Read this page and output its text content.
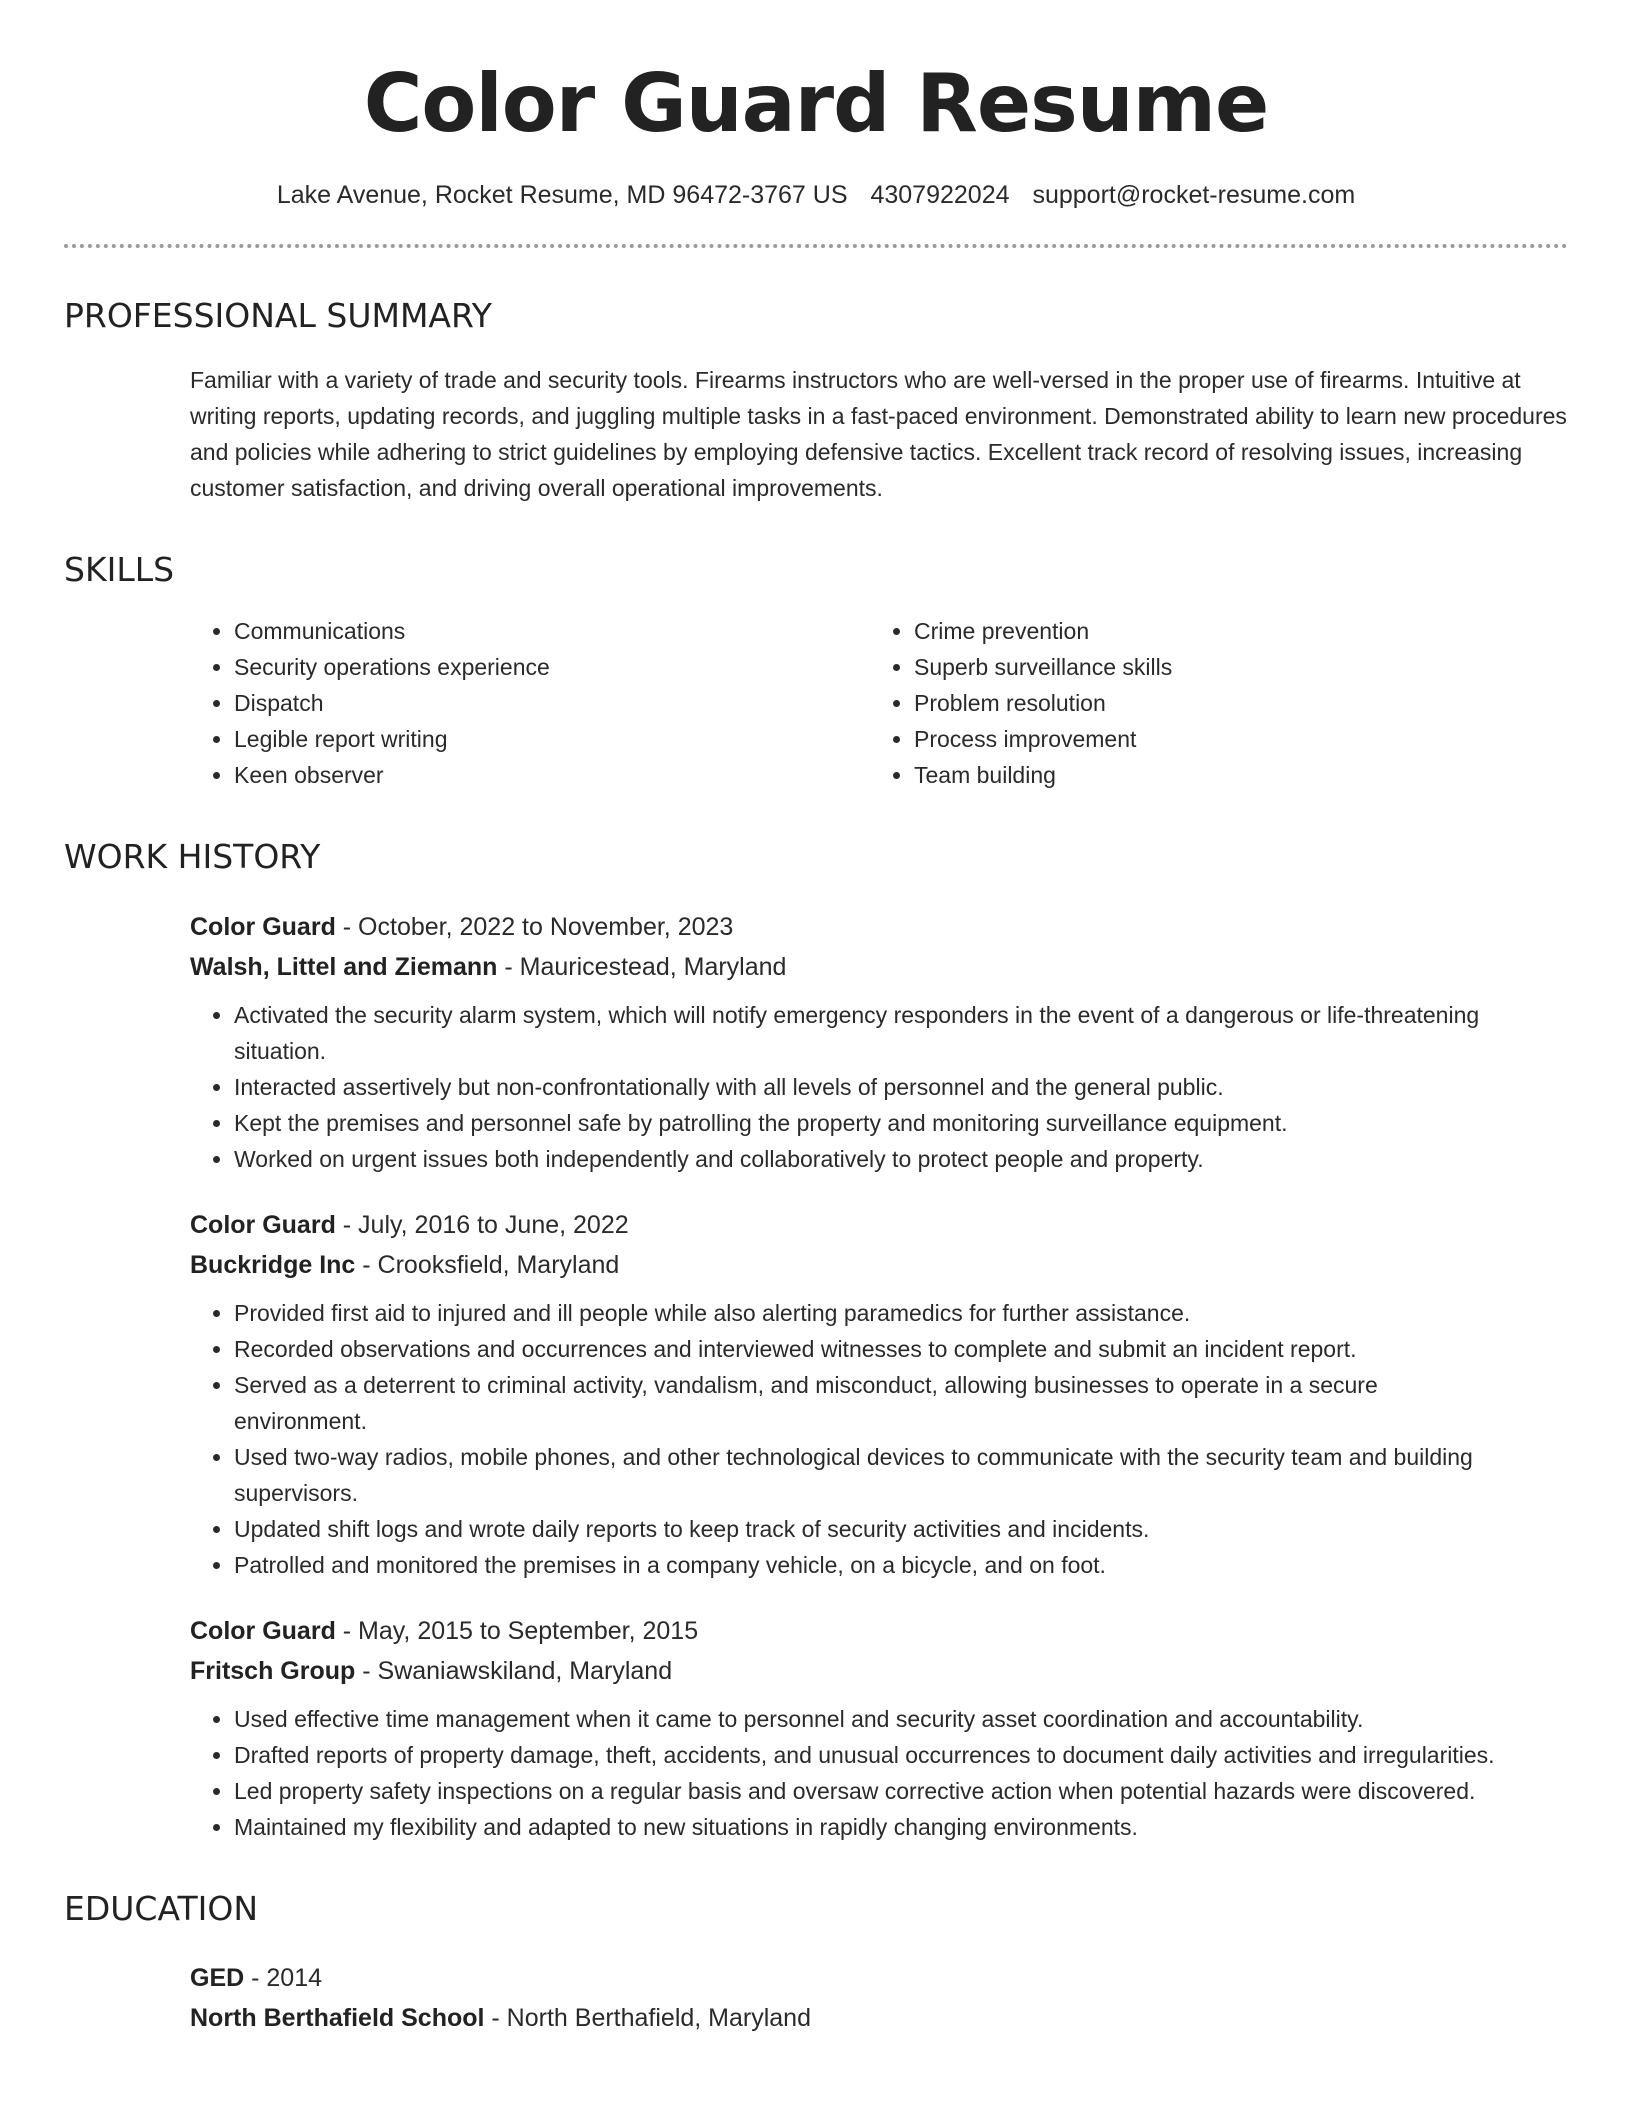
Color Guard Resume
Lake Avenue, Rocket Resume, MD 96472-3767 US 4307922024 support@rocket-resume.com
PROFESSIONAL SUMMARY
Familiar with a variety of trade and security tools. Firearms instructors who are well-versed in the proper use of firearms. Intuitive at writing reports, updating records, and juggling multiple tasks in a fast-paced environment. Demonstrated ability to learn new procedures and policies while adhering to strict guidelines by employing defensive tactics. Excellent track record of resolving issues, increasing customer satisfaction, and driving overall operational improvements.
SKILLS
• Communications
• Security operations experience
• Dispatch
• Legible report writing
• Keen observer
• Crime prevention
• Superb surveillance skills
• Problem resolution
• Process improvement
• Team building
WORK HISTORY
Color Guard - October, 2022 to November, 2023
Walsh, Littel and Ziemann - Mauricestead, Maryland
• Activated the security alarm system, which will notify emergency responders in the event of a dangerous or life-threatening situation.
• Interacted assertively but non-confrontationally with all levels of personnel and the general public.
• Kept the premises and personnel safe by patrolling the property and monitoring surveillance equipment.
• Worked on urgent issues both independently and collaboratively to protect people and property.
Color Guard - July, 2016 to June, 2022
Buckridge Inc - Crooksfield, Maryland
• Provided first aid to injured and ill people while also alerting paramedics for further assistance.
• Recorded observations and occurrences and interviewed witnesses to complete and submit an incident report.
• Served as a deterrent to criminal activity, vandalism, and misconduct, allowing businesses to operate in a secure environment.
• Used two-way radios, mobile phones, and other technological devices to communicate with the security team and building supervisors.
• Updated shift logs and wrote daily reports to keep track of security activities and incidents.
• Patrolled and monitored the premises in a company vehicle, on a bicycle, and on foot.
Color Guard - May, 2015 to September, 2015
Fritsch Group - Swaniawskiland, Maryland
• Used effective time management when it came to personnel and security asset coordination and accountability.
• Drafted reports of property damage, theft, accidents, and unusual occurrences to document daily activities and irregularities.
• Led property safety inspections on a regular basis and oversaw corrective action when potential hazards were discovered.
• Maintained my flexibility and adapted to new situations in rapidly changing environments.
EDUCATION
GED - 2014
North Berthafield School - North Berthafield, Maryland
